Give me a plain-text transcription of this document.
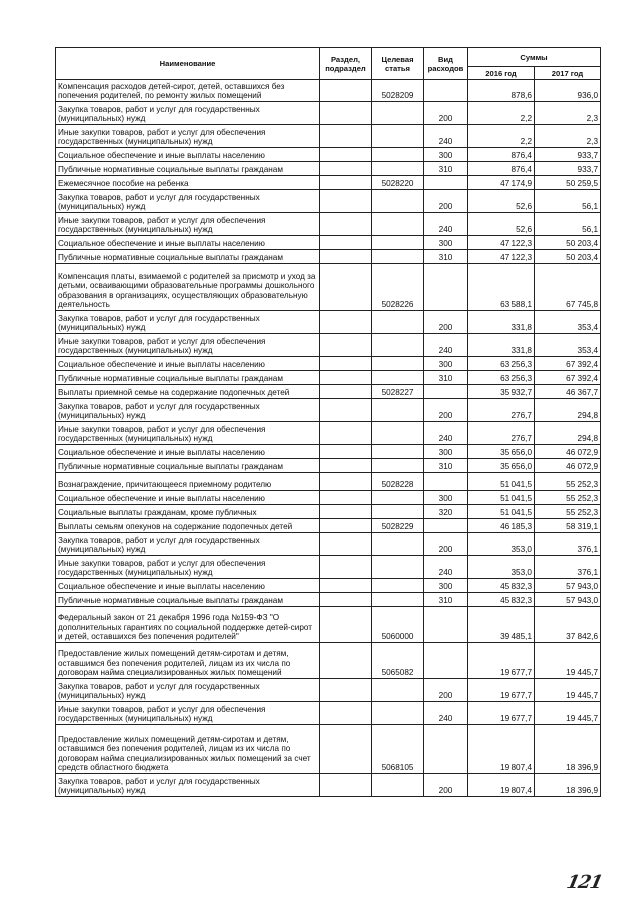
Наименование	Раздел, подраздел	Целевая статья	Вид расходов	Суммы	
				2016 год	2017 год
Компенсация расходов детей-сирот, детей, оставшихся без попечения родителей, по ремонту жилых помещений		5028209		878,6	936,0
Закупка товаров, работ и услуг для государственных (муниципальных) нужд			200	2,2	2,3
Иные закупки товаров, работ и услуг для обеспечения государственных (муниципальных) нужд			240	2,2	2,3
Социальное обеспечение и иные выплаты населению			300	876,4	933,7
Публичные нормативные социальные выплаты гражданам			310	876,4	933,7
Ежемесячное пособие на ребенка		5028220		47 174,9	50 259,5
Закупка товаров, работ и услуг для государственных (муниципальных) нужд			200	52,6	56,1
Иные закупки товаров, работ и услуг для обеспечения государственных (муниципальных) нужд			240	52,6	56,1
Социальное обеспечение и иные выплаты населению			300	47 122,3	50 203,4
Публичные нормативные социальные выплаты гражданам			310	47 122,3	50 203,4
Компенсация платы, взимаемой с родителей за присмотр и уход за детьми, осваивающими образовательные программы дошкольного образования в организациях, осуществляющих образовательную деятельность		5028226		63 588,1	67 745,8
Закупка товаров, работ и услуг для государственных (муниципальных) нужд			200	331,8	353,4
Иные закупки товаров, работ и услуг для обеспечения государственных (муниципальных) нужд			240	331,8	353,4
Социальное обеспечение и иные выплаты населению			300	63 256,3	67 392,4
Публичные нормативные социальные выплаты гражданам			310	63 256,3	67 392,4
Выплаты приемной семье на содержание подопечных детей		5028227		35 932,7	46 367,7
Закупка товаров, работ и услуг для государственных (муниципальных) нужд			200	276,7	294,8
Иные закупки товаров, работ и услуг для обеспечения государственных (муниципальных) нужд			240	276,7	294,8
Социальное обеспечение и иные выплаты населению			300	35 656,0	46 072,9
Публичные нормативные социальные выплаты гражданам			310	35 656,0	46 072,9
Вознаграждение, причитающееся приемному родителю		5028228		51 041,5	55 252,3
Социальное обеспечение и иные выплаты населению			300	51 041,5	55 252,3
Социальные выплаты гражданам, кроме публичных			320	51 041,5	55 252,3
Выплаты семьям опекунов на содержание подопечных детей		5028229		46 185,3	58 319,1
Закупка товаров, работ и услуг для государственных (муниципальных) нужд			200	353,0	376,1
Иные закупки товаров, работ и услуг для обеспечения государственных (муниципальных) нужд			240	353,0	376,1
Социальное обеспечение и иные выплаты населению			300	45 832,3	57 943,0
Публичные нормативные социальные выплаты гражданам			310	45 832,3	57 943,0
Федеральный закон от 21 декабря 1996 года №159-ФЗ "О дополнительных гарантиях по социальной поддержке детей-сирот и детей, оставшихся без попечения родителей"		5060000		39 485,1	37 842,6
Предоставление жилых помещений детям-сиротам и детям, оставшимся без попечения родителей, лицам из их числа по договорам найма специализированных жилых помещений		5065082		19 677,7	19 445,7
Закупка товаров, работ и услуг для государственных (муниципальных) нужд			200	19 677,7	19 445,7
Иные закупки товаров, работ и услуг для обеспечения государственных (муниципальных) нужд			240	19 677,7	19 445,7
Предоставление жилых помещений детям-сиротам и детям, оставшимся без попечения родителей, лицам из их числа по договорам найма специализированных жилых помещений за счет средств областного бюджета		5068105		19 807,4	18 396,9
Закупка товаров, работ и услуг для государственных (муниципальных) нужд			200	19 807,4	18 396,9
121
